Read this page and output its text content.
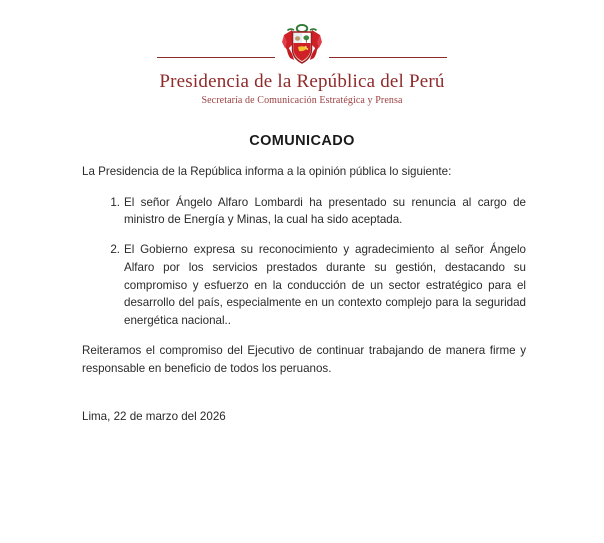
Presidencia de la República del Perú
Secretaría de Comunicación Estratégica y Prensa
COMUNICADO

La Presidencia de la República informa a la opinión pública lo siguiente:

El señor Ángelo Alfaro Lombardi ha presentado su renuncia al cargo de ministro de Energía y Minas, la cual ha sido aceptada.
El Gobierno expresa su reconocimiento y agradecimiento al señor Ángelo Alfaro por los servicios prestados durante su gestión, destacando su compromiso y esfuerzo en la conducción de un sector estratégico para el desarrollo del país, especialmente en un contexto complejo para la seguridad energética nacional..

Reiteramos el compromiso del Ejecutivo de continuar trabajando de manera firme y responsable en beneficio de todos los peruanos.

Lima, 22 de marzo del 2026
